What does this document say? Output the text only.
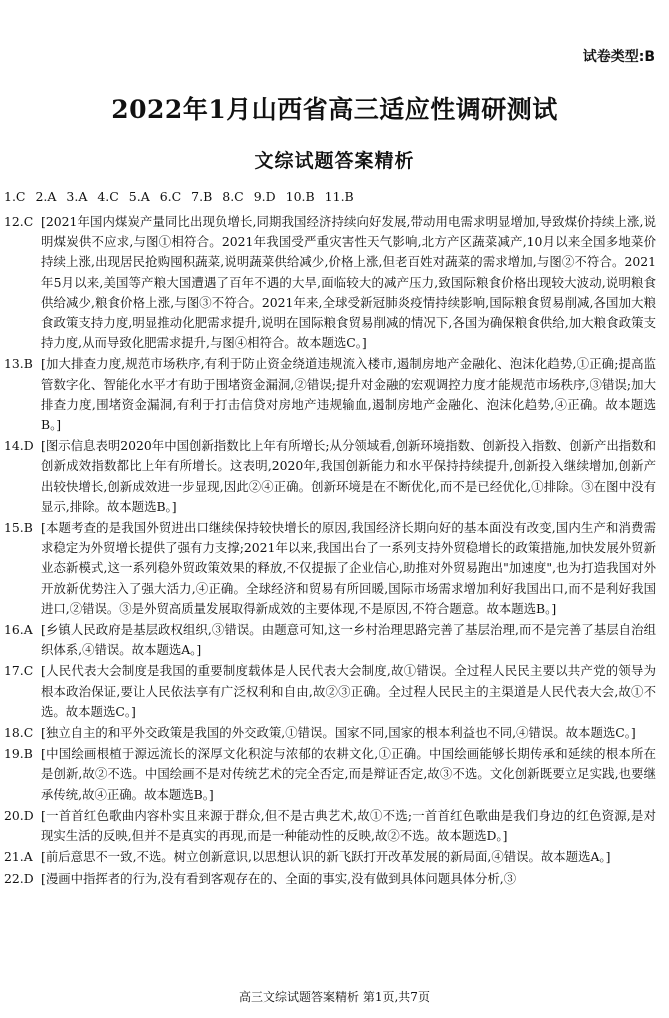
试卷类型:B
2022年1月山西省高三适应性调研测试
文综试题答案精析
1.C 2.A 3.A 4.C 5.A 6.C 7.B 8.C 9.D 10.B 11.B
12.C [2021年国内煤炭产量同比出现负增长,同期我国经济持续向好发展,带动用电需求明显增加,导致煤价持续上涨,说明煤炭供不应求,与图①相符合。2021年我国受严重灾害性天气影响,北方产区蔬菜减产,10月以来全国多地菜价持续上涨,出现居民抢购囤积蔬菜,说明蔬菜供给减少,价格上涨,但老百姓对蔬菜的需求增加,与图②不符合。2021年5月以来,美国等产粮大国遭遇了百年不遇的大旱,面临较大的减产压力,致国际粮食价格出现较大波动,说明粮食供给减少,粮食价格上涨,与图③不符合。2021年来,全球受新冠肺炎疫情持续影响,国际粮食贸易削减,各国加大粮食政策支持力度,明显推动化肥需求提升,说明在国际粮食贸易削减的情况下,各国为确保粮食供给,加大粮食政策支持力度,从而导致化肥需求提升,与图④相符合。故本题选C。]
13.B [加大排查力度,规范市场秩序,有利于防止资金绕道违规流入楼市,遏制房地产金融化、泡沫化趋势,①正确;提高监管数字化、智能化水平才有助于围堵资金漏洞,②错误;提升对金融的宏观调控力度才能规范市场秩序,③错误;加大排查力度,围堵资金漏洞,有利于打击信贷对房地产违规输血,遏制房地产金融化、泡沫化趋势,④正确。故本题选B。]
14.D [图示信息表明2020年中国创新指数比上年有所增长;从分领域看,创新环境指数、创新投入指数、创新产出指数和创新成效指数都比上年有所增长。这表明,2020年,我国创新能力和水平保持持续提升,创新投入继续增加,创新产出较快增长,创新成效进一步显现,因此②④正确。创新环境是在不断优化,而不是已经优化,①排除。③在图中没有显示,排除。故本题选B。]
15.B [本题考查的是我国外贸进出口继续保持较快增长的原因,我国经济长期向好的基本面没有改变,国内生产和消费需求稳定为外贸增长提供了强有力支撑;2021年以来,我国出台了一系列支持外贸稳增长的政策措施,加快发展外贸新业态新模式,这一系列稳外贸政策效果的释放,不仅提振了企业信心,助推对外贸易跑出"加速度",也为打造我国对外开放新优势注入了强大活力,④正确。全球经济和贸易有所回暖,国际市场需求增加利好我国出口,而不是利好我国进口,②错误。③是外贸高质量发展取得新成效的主要体现,不是原因,不符合题意。故本题选B。]
16.A [乡镇人民政府是基层政权组织,③错误。由题意可知,这一乡村治理思路完善了基层治理,而不是完善了基层自治组织体系,④错误。故本题选A。]
17.C [人民代表大会制度是我国的重要制度载体是人民代表大会制度,故①错误。全过程人民民主要以共产党的领导为根本政治保证,要让人民依法享有广泛权利和自由,故②③正确。全过程人民民主的主渠道是人民代表大会,故①不选。故本题选C。]
18.C [独立自主的和平外交政策是我国的外交政策,①错误。国家不同,国家的根本利益也不同,④错误。故本题选C。]
19.B [中国绘画根植于源远流长的深厚文化积淀与浓郁的农耕文化,①正确。中国绘画能够长期传承和延续的根本所在是创新,故②不选。中国绘画不是对传统艺术的完全否定,而是辩证否定,故③不选。文化创新既要立足实践,也要继承传统,故④正确。故本题选B。]
20.D [一首首红色歌曲内容朴实且来源于群众,但不是古典艺术,故①不选;一首首红色歌曲是我们身边的红色资源,是对现实生活的反映,但并不是真实的再现,而是一种能动性的反映,故②不选。故本题选D。]
21.A [前后意思不一致,不选。树立创新意识,以思想认识的新飞跃打开改革发展的新局面,④错误。故本题选A。]
22.D [漫画中指挥者的行为,没有看到客观存在的、全面的事实,没有做到具体问题具体分析,③
高三文综试题答案精析 第1页,共7页
